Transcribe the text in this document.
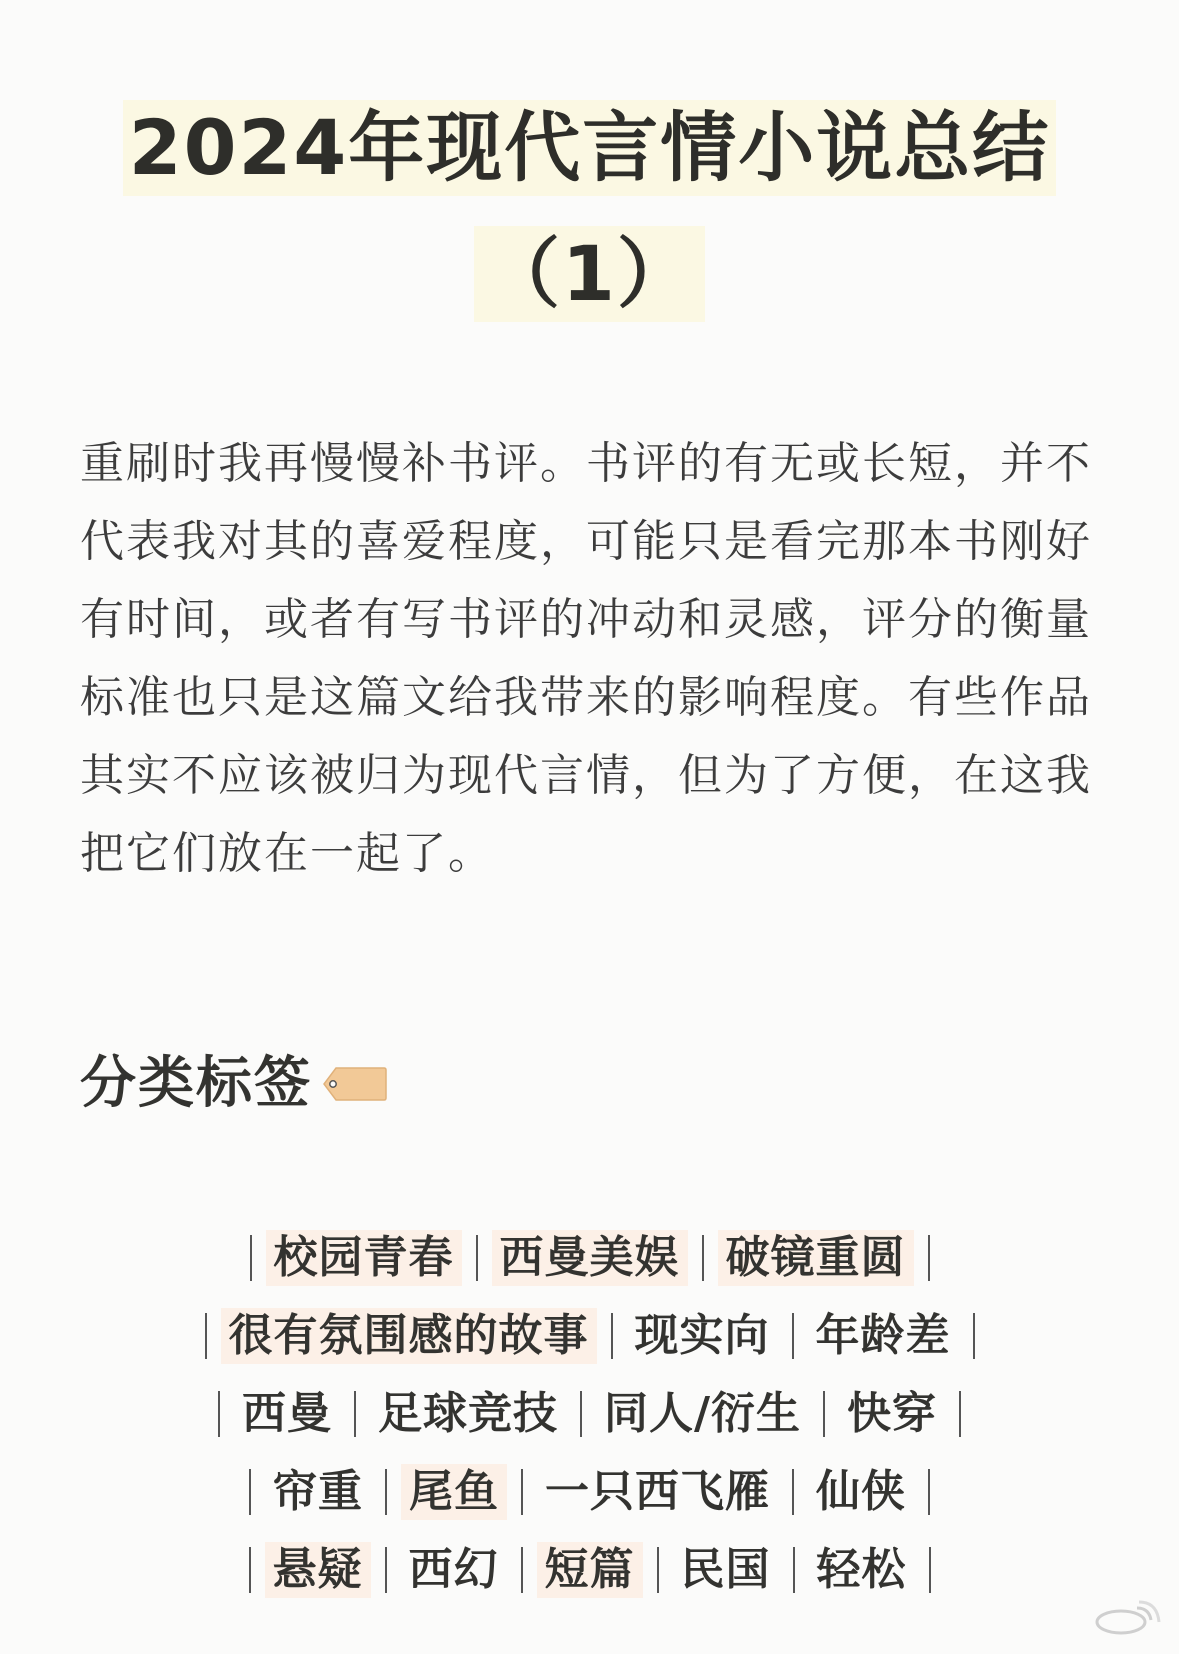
2024年现代言情小说总结
（1）

重刷时我再慢慢补书评。书评的有无或长短，并不代表我对其的喜爱程度，可能只是看完那本书刚好有时间，或者有写书评的冲动和灵感，评分的衡量标准也只是这篇文给我带来的影响程度。有些作品其实不应该被归为现代言情，但为了方便，在这我把它们放在一起了。

分类标签
校园青春 西曼美娱 破镜重圆
很有氛围感的故事 现实向 年龄差
西曼 足球竞技 同人/衍生 快穿
帘重 尾鱼 一只西飞雁 仙侠
悬疑 西幻 短篇 民国 轻松
